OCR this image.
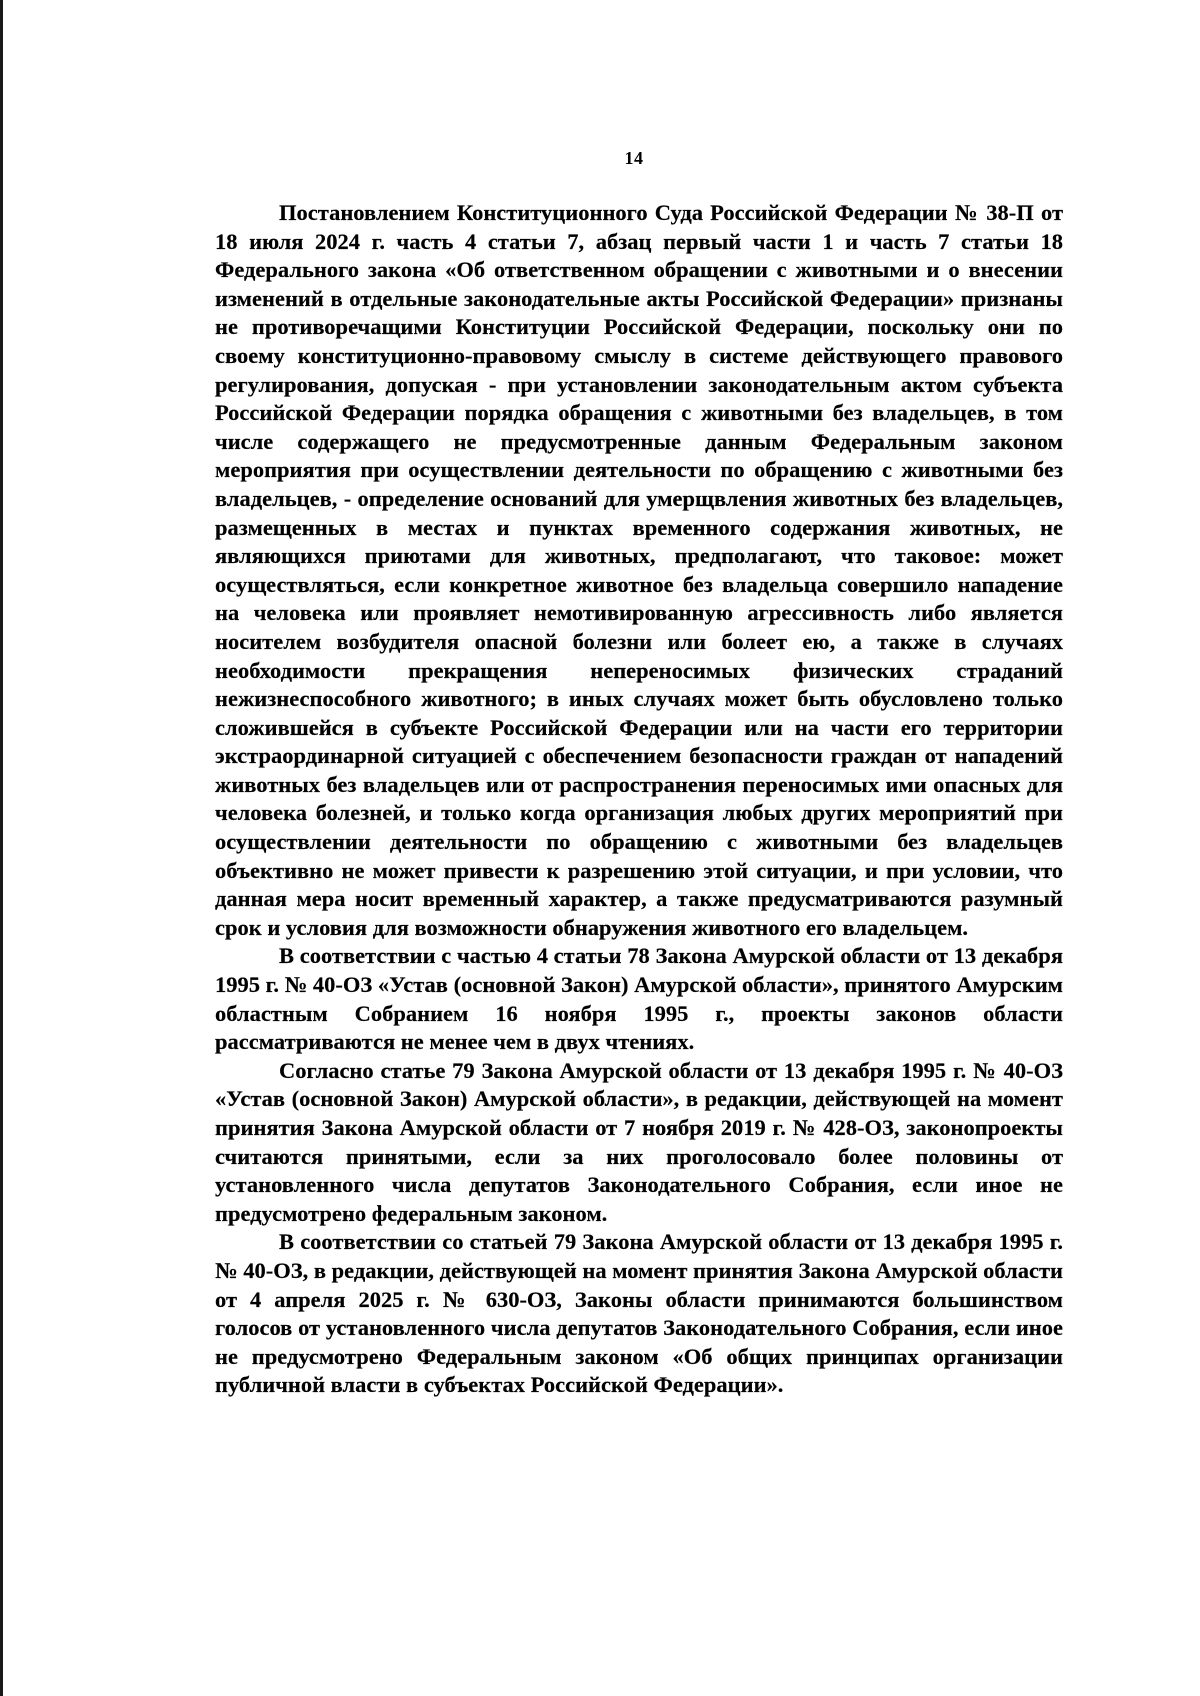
14

Постановлением Конституционного Суда Российской Федерации № 38-П от 18 июля 2024 г. часть 4 статьи 7, абзац первый части 1 и часть 7 статьи 18 Федерального закона «Об ответственном обращении с животными и о внесении изменений в отдельные законодательные акты Российской Федерации» признаны не противоречащими Конституции Российской Федерации, поскольку они по своему конституционно-правовому смыслу в системе действующего правового регулирования, допуская - при установлении законодательным актом субъекта Российской Федерации порядка обращения с животными без владельцев, в том числе содержащего не предусмотренные данным Федеральным законом мероприятия при осуществлении деятельности по обращению с животными без владельцев, - определение оснований для умерщвления животных без владельцев, размещенных в местах и пунктах временного содержания животных, не являющихся приютами для животных, предполагают, что таковое: может осуществляться, если конкретное животное без владельца совершило нападение на человека или проявляет немотивированную агрессивность либо является носителем возбудителя опасной болезни или болеет ею, а также в случаях необходимости прекращения непереносимых физических страданий нежизнеспособного животного; в иных случаях может быть обусловлено только сложившейся в субъекте Российской Федерации или на части его территории экстраординарной ситуацией с обеспечением безопасности граждан от нападений животных без владельцев или от распространения переносимых ими опасных для человека болезней, и только когда организация любых других мероприятий при осуществлении деятельности по обращению с животными без владельцев объективно не может привести к разрешению этой ситуации, и при условии, что данная мера носит временный характер, а также предусматриваются разумный срок и условия для возможности обнаружения животного его владельцем.

В соответствии с частью 4 статьи 78 Закона Амурской области от 13 декабря 1995 г. № 40-ОЗ «Устав (основной Закон) Амурской области», принятого Амурским областным Собранием 16 ноября 1995 г., проекты законов области рассматриваются не менее чем в двух чтениях.

Согласно статье 79 Закона Амурской области от 13 декабря 1995 г. № 40-ОЗ «Устав (основной Закон) Амурской области», в редакции, действующей на момент принятия Закона Амурской области от 7 ноября 2019 г. № 428-ОЗ, законопроекты считаются принятыми, если за них проголосовало более половины от установленного числа депутатов Законодательного Собрания, если иное не предусмотрено федеральным законом.

В соответствии со статьей 79 Закона Амурской области от 13 декабря 1995 г. № 40-ОЗ, в редакции, действующей на момент принятия Закона Амурской области от 4 апреля 2025 г. № 630-ОЗ, Законы области принимаются большинством голосов от установленного числа депутатов Законодательного Собрания, если иное не предусмотрено Федеральным законом «Об общих принципах организации публичной власти в субъектах Российской Федерации».
